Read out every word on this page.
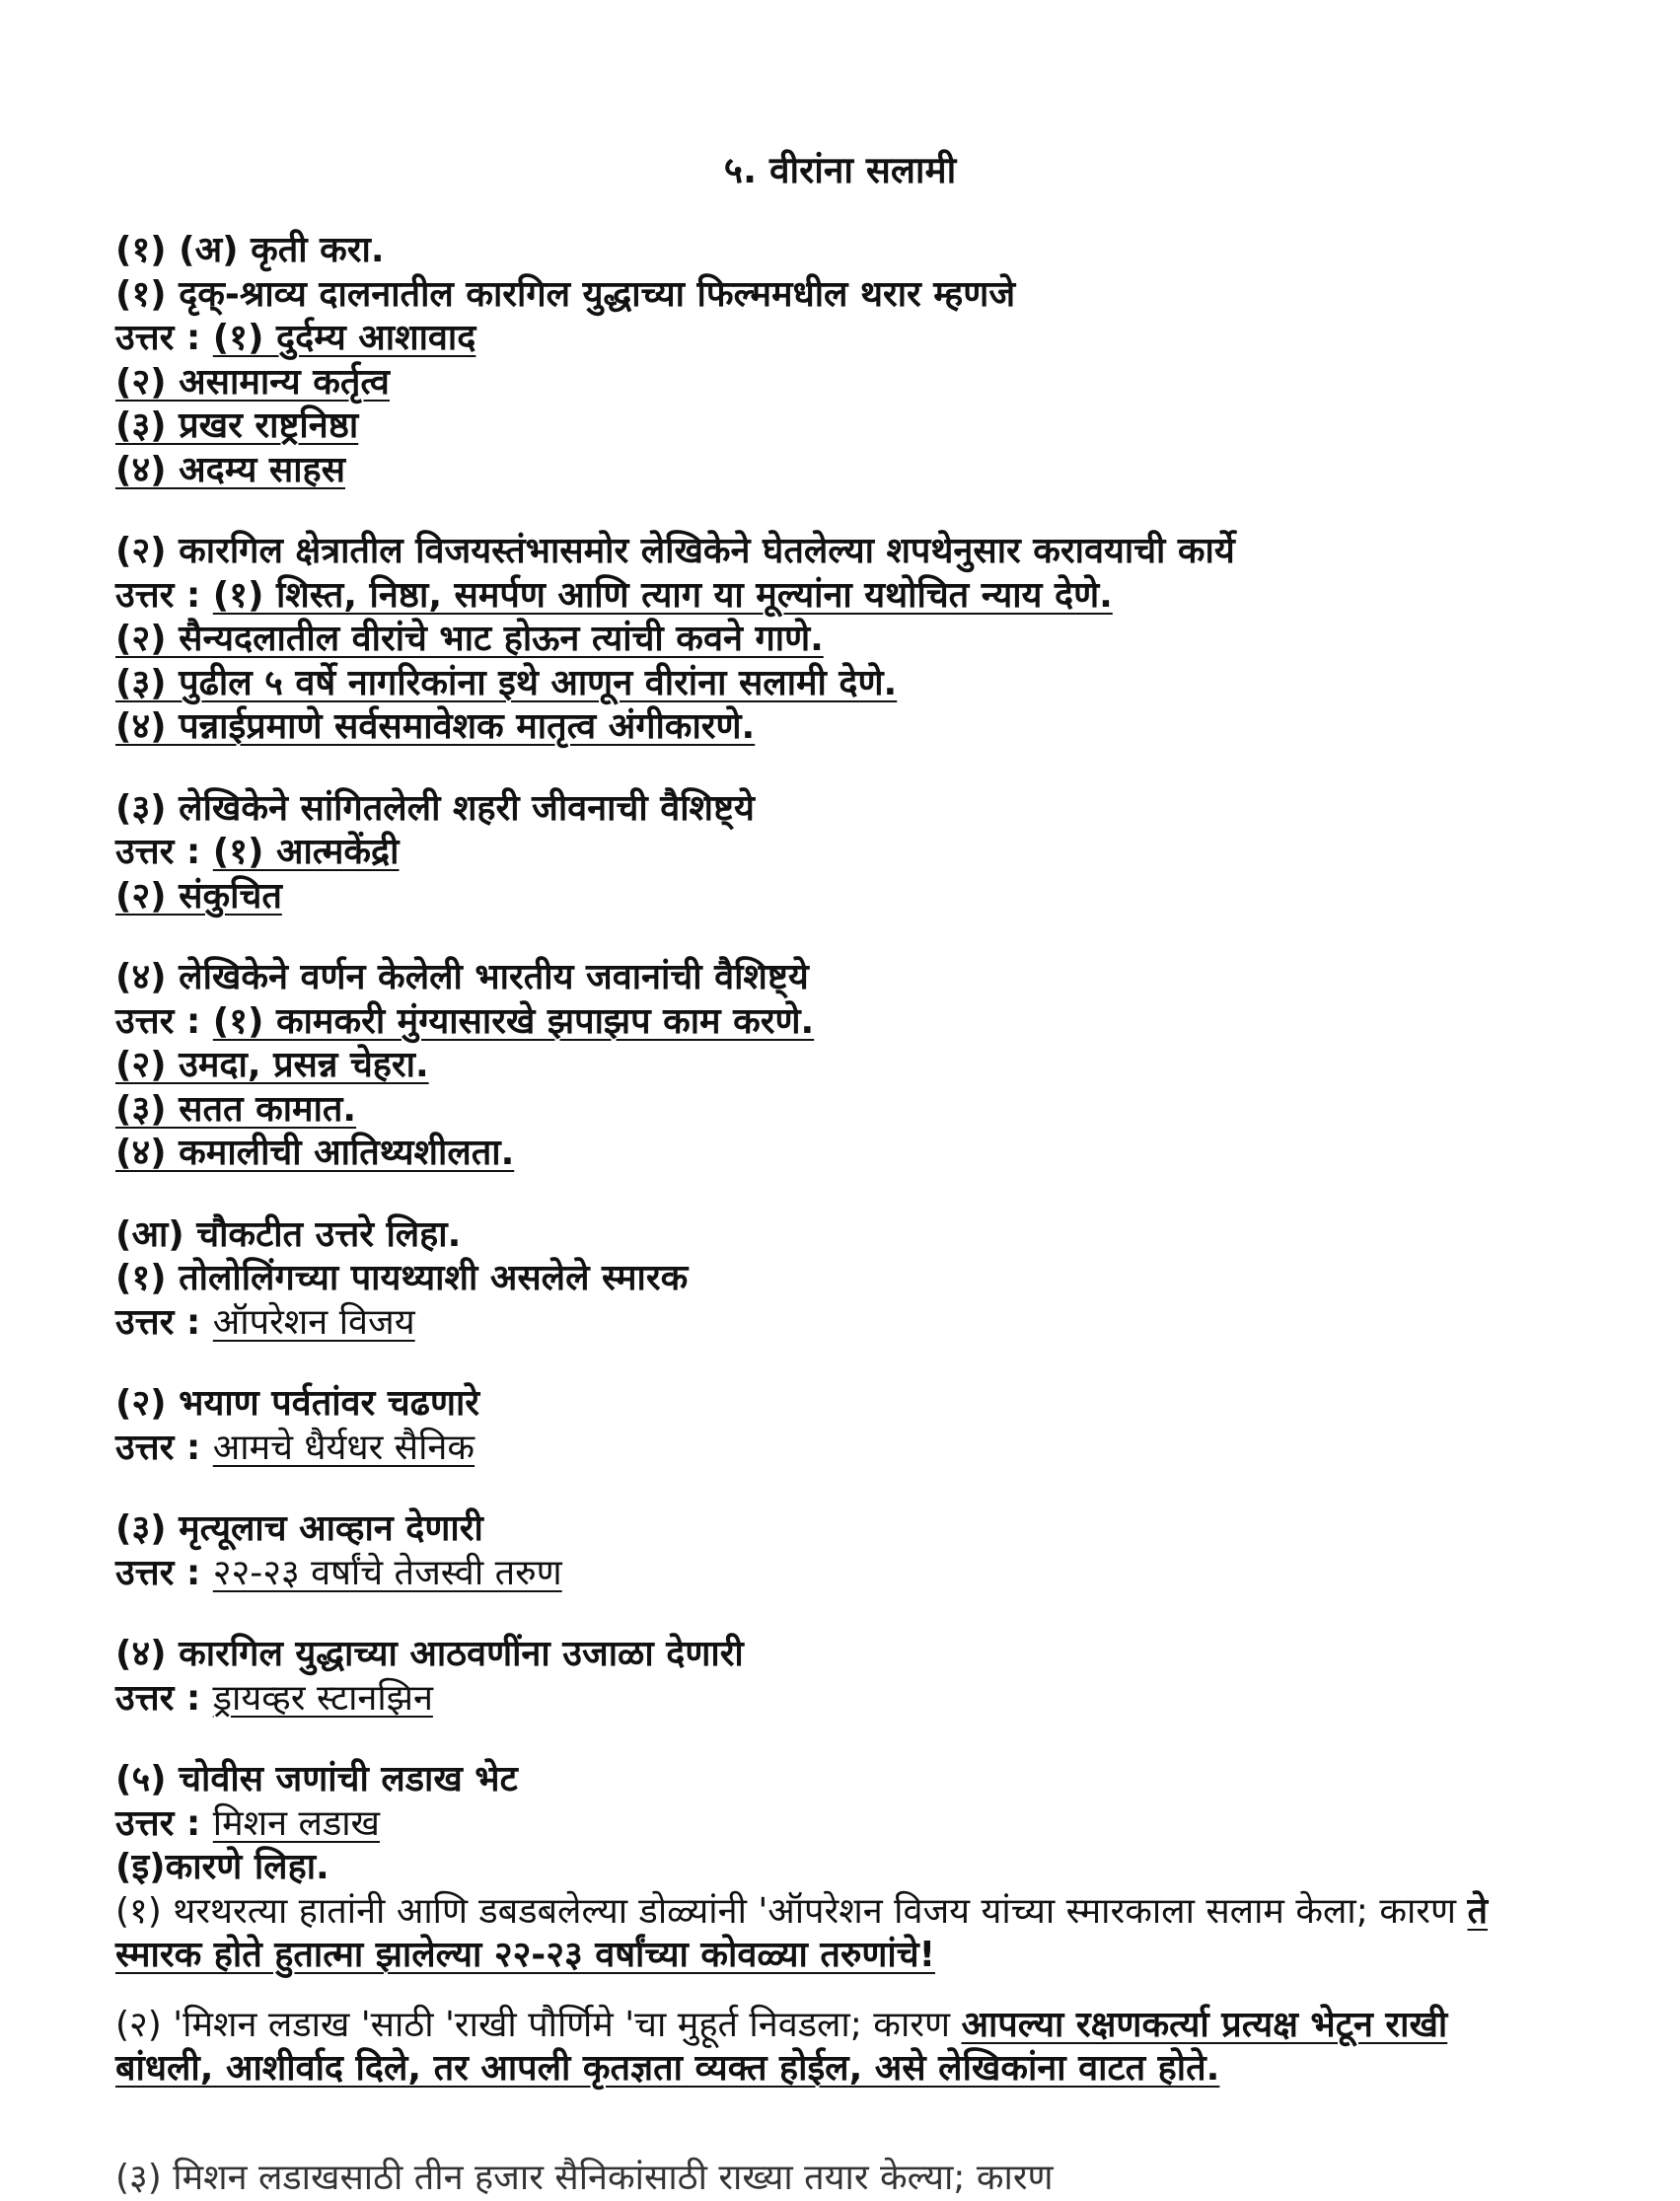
५. वीरांना सलामी
(१) (अ) कृती करा.
(१) दृक्-श्राव्य दालनातील कारगिल युद्धाच्या फिल्ममधील थरार म्हणजे
उत्तर : (१) दुर्दम्य आशावाद
(२) असामान्य कर्तृत्व
(३) प्रखर राष्ट्रनिष्ठा
(४) अदम्य साहस
(२) कारगिल क्षेत्रातील विजयस्तंभासमोर लेखिकेने घेतलेल्या शपथेनुसार करावयाची कार्ये
उत्तर : (१) शिस्त, निष्ठा, समर्पण आणि त्याग या मूल्यांना यथोचित न्याय देणे.
(२) सैन्यदलातील वीरांचे भाट होऊन त्यांची कवने गाणे.
(३) पुढील ५ वर्षे नागरिकांना इथे आणून वीरांना सलामी देणे.
(४) पन्नाईप्रमाणे सर्वसमावेशक मातृत्व अंगीकारणे.
(३) लेखिकेने सांगितलेली शहरी जीवनाची वैशिष्ट्ये
उत्तर : (१) आत्मकेंद्री
(२) संकुचित
(४) लेखिकेने वर्णन केलेली भारतीय जवानांची वैशिष्ट्ये
उत्तर : (१) कामकरी मुंग्यासारखे झपाझप काम करणे.
(२) उमदा, प्रसन्न चेहरा.
(३) सतत कामात.
(४) कमालीची आतिथ्यशीलता.
(आ) चौकटीत उत्तरे लिहा.
(१) तोलोलिंगच्या पायथ्याशी असलेले स्मारक
उत्तर : ऑपरेशन विजय
(२) भयाण पर्वतांवर चढणारे
उत्तर : आमचे धैर्यधर सैनिक
(३) मृत्यूलाच आव्हान देणारी
उत्तर : २२-२३ वर्षांचे तेजस्वी तरुण
(४) कारगिल युद्धाच्या आठवणींना उजाळा देणारी
उत्तर : ड्रायव्हर स्टानझिन
(५) चोवीस जणांची लडाख भेट
उत्तर : मिशन लडाख
(इ)कारणे लिहा.
(१) थरथरत्या हातांनी आणि डबडबलेल्या डोळ्यांनी 'ऑपरेशन विजय यांच्या स्मारकाला सलाम केला; कारण ते
स्मारक होते हुतात्मा झालेल्या २२-२३ वर्षांच्या कोवळ्या तरुणांचे!
(२) 'मिशन लडाख 'साठी 'राखी पौर्णिमे 'चा मुहूर्त निवडला; कारण आपल्या रक्षणकर्त्या प्रत्यक्ष भेटून राखी
बांधली, आशीर्वाद दिले, तर आपली कृतज्ञता व्यक्त होईल, असे लेखिकांना वाटत होते.
(३) मिशन लडाखसाठी तीन हजार सैनिकांसाठी राख्या तयार केल्या; कारण
